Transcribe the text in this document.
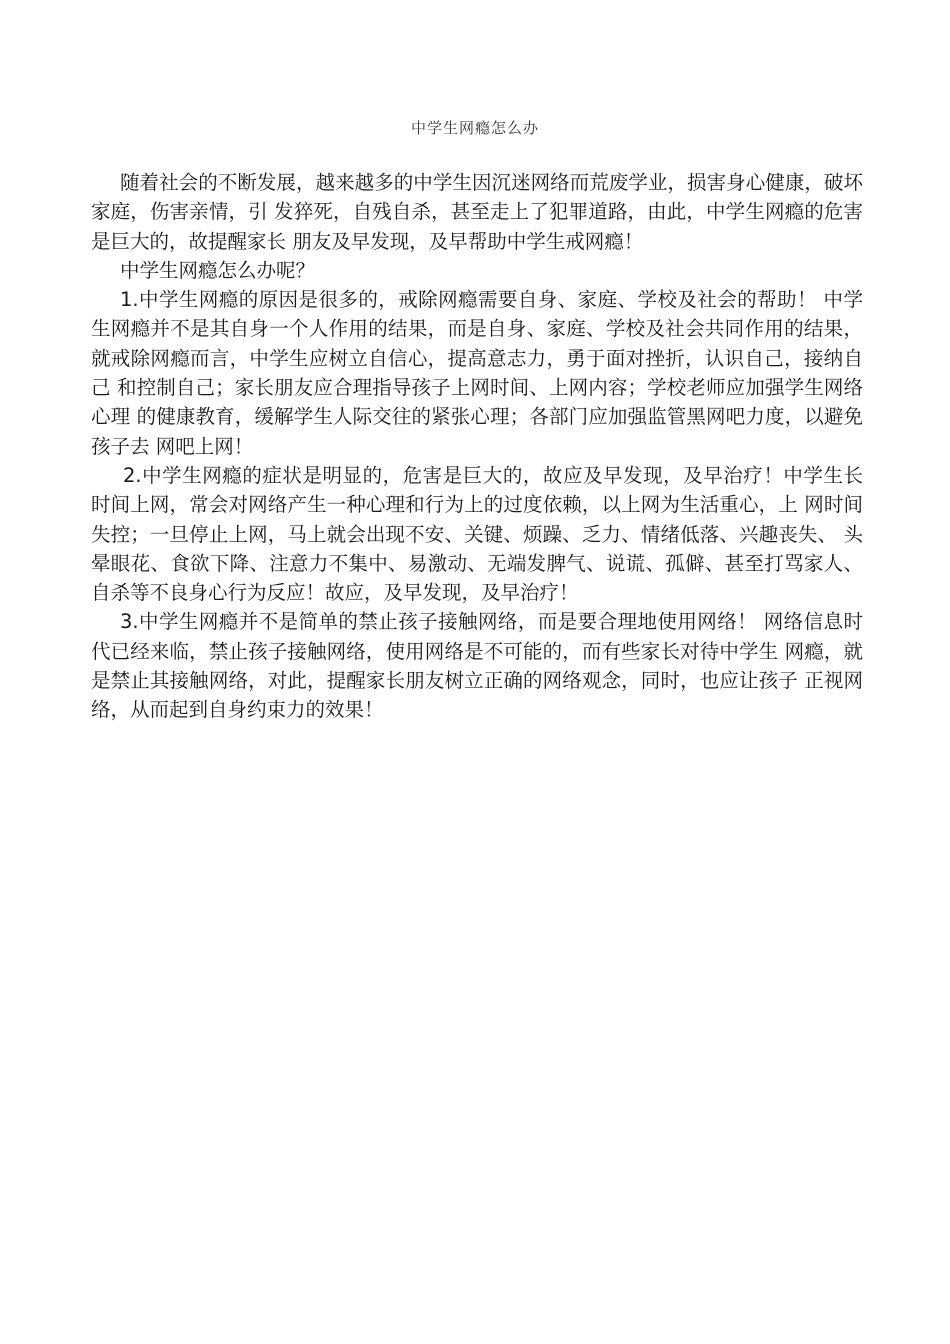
中学生网瘾怎么办

随着社会的不断发展，越来越多的中学生因沉迷网络而荒废学业，损害身心健康，破坏家庭，伤害亲情，引 发猝死，自残自杀，甚至走上了犯罪道路，由此，中学生网瘾的危害是巨大的，故提醒家长 朋友及早发现，及早帮助中学生戒网瘾！

中学生网瘾怎么办呢？

1.中学生网瘾的原因是很多的，戒除网瘾需要自身、家庭、学校及社会的帮助！ 中学生网瘾并不是其自身一个人作用的结果，而是自身、家庭、学校及社会共同作用的结果， 就戒除网瘾而言，中学生应树立自信心，提高意志力，勇于面对挫折，认识自己，接纳自己 和控制自己；家长朋友应合理指导孩子上网时间、上网内容；学校老师应加强学生网络心理 的健康教育，缓解学生人际交往的紧张心理；各部门应加强监管黑网吧力度，以避免孩子去 网吧上网！

2.中学生网瘾的症状是明显的，危害是巨大的，故应及早发现，及早治疗！中学生长时间上网，常会对网络产生一种心理和行为上的过度依赖，以上网为生活重心，上 网时间失控；一旦停止上网，马上就会出现不安、关键、烦躁、乏力、情绪低落、兴趣丧失、 头晕眼花、食欲下降、注意力不集中、易激动、无端发脾气、说谎、孤僻、甚至打骂家人、 自杀等不良身心行为反应！故应，及早发现，及早治疗！

3.中学生网瘾并不是简单的禁止孩子接触网络，而是要合理地使用网络！ 网络信息时代已经来临，禁止孩子接触网络，使用网络是不可能的，而有些家长对待中学生 网瘾，就是禁止其接触网络，对此，提醒家长朋友树立正确的网络观念，同时，也应让孩子 正视网络，从而起到自身约束力的效果！
